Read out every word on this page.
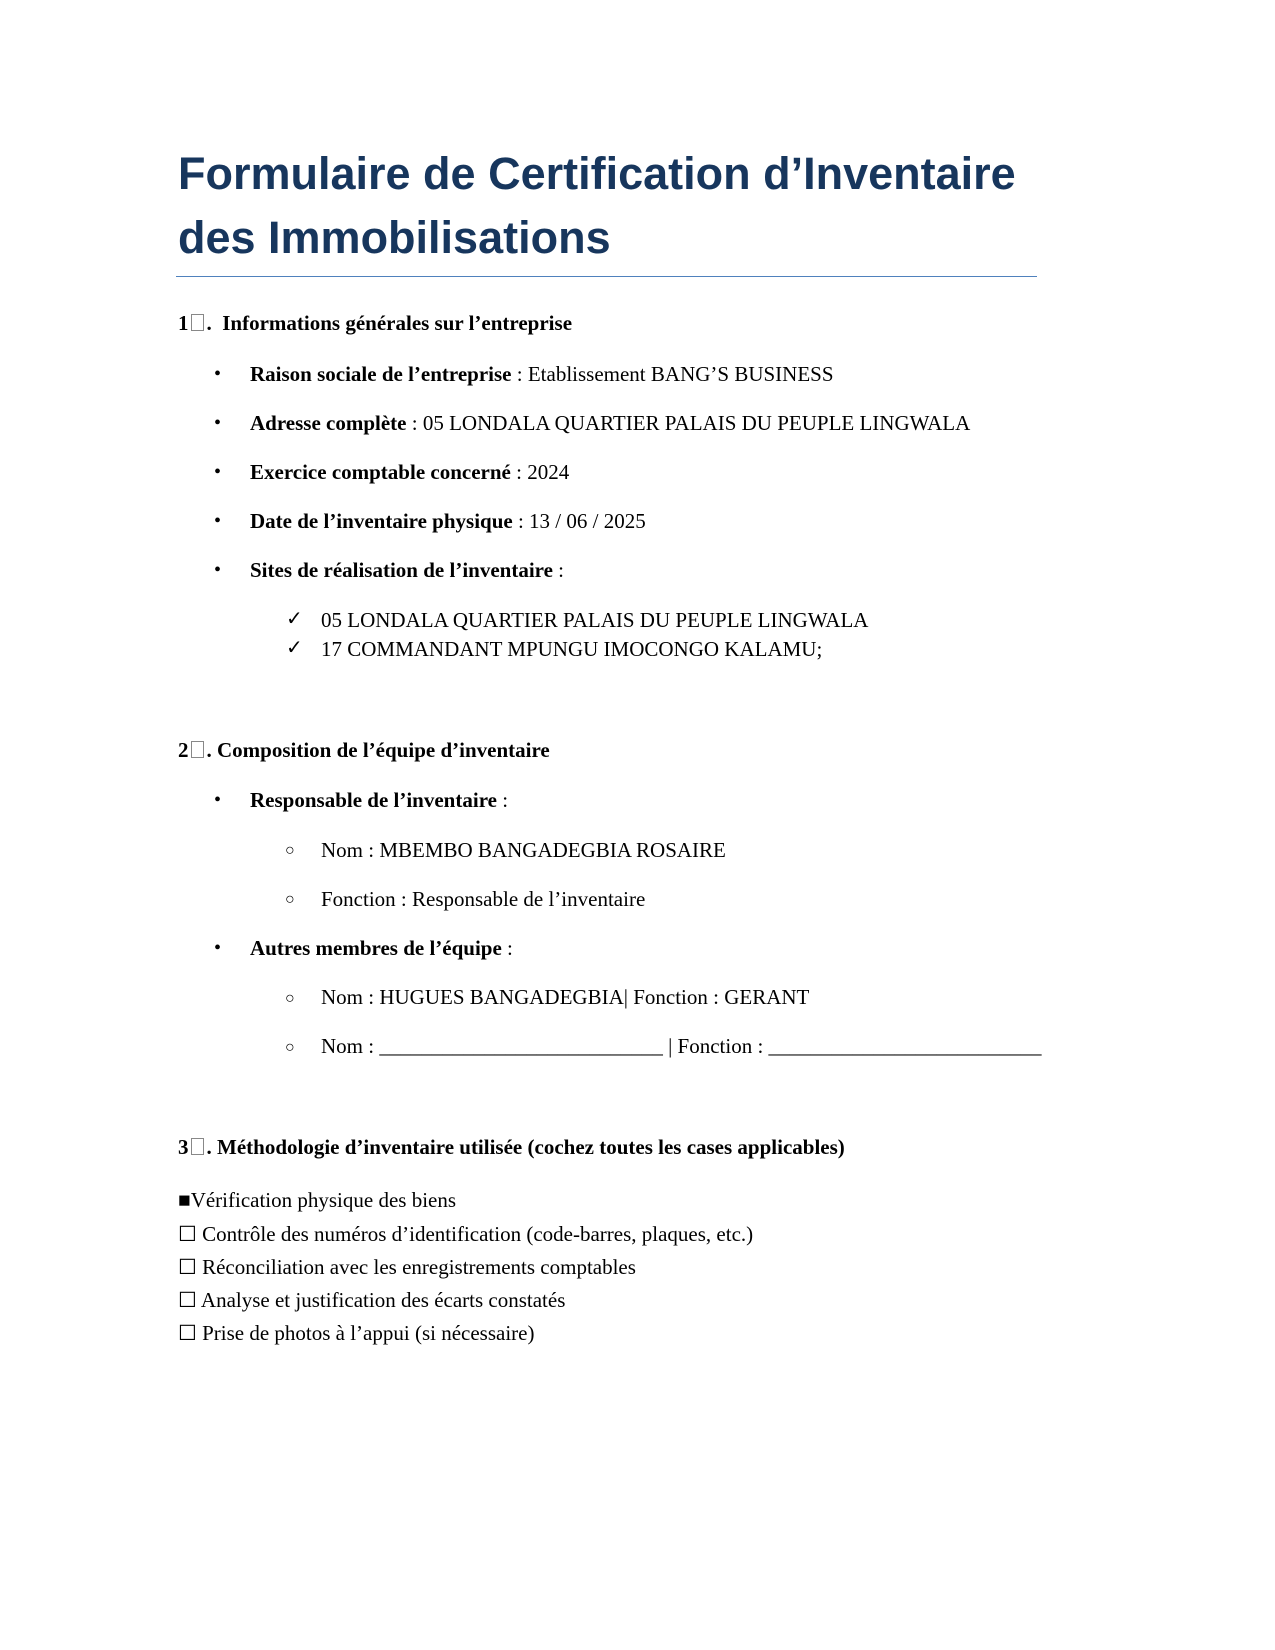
Formulaire de Certification d’Inventaire des Immobilisations
1 .  Informations générales sur l’entreprise
• Raison sociale de l’entreprise : Etablissement BANG’S BUSINESS
• Adresse complète : 05 LONDALA QUARTIER PALAIS DU PEUPLE LINGWALA
• Exercice comptable concerné : 2024
• Date de l’inventaire physique : 13 / 06 / 2025
• Sites de réalisation de l’inventaire :
✓ 05 LONDALA QUARTIER PALAIS DU PEUPLE LINGWALA
✓ 17 COMMANDANT MPUNGU IMOCONGO KALAMU;
2 . Composition de l’équipe d’inventaire
• Responsable de l’inventaire :
○ Nom : MBEMBO BANGADEGBIA ROSAIRE
○ Fonction : Responsable de l’inventaire
• Autres membres de l’équipe :
○ Nom : HUGUES BANGADEGBIA| Fonction : GERANT
○ Nom : ___________________________ | Fonction : __________________________
3 . Méthodologie d’inventaire utilisée (cochez toutes les cases applicables)
■Vérification physique des biens
☐ Contrôle des numéros d’identification (code-barres, plaques, etc.)
☐ Réconciliation avec les enregistrements comptables
☐ Analyse et justification des écarts constatés
☐ Prise de photos à l’appui (si nécessaire)
